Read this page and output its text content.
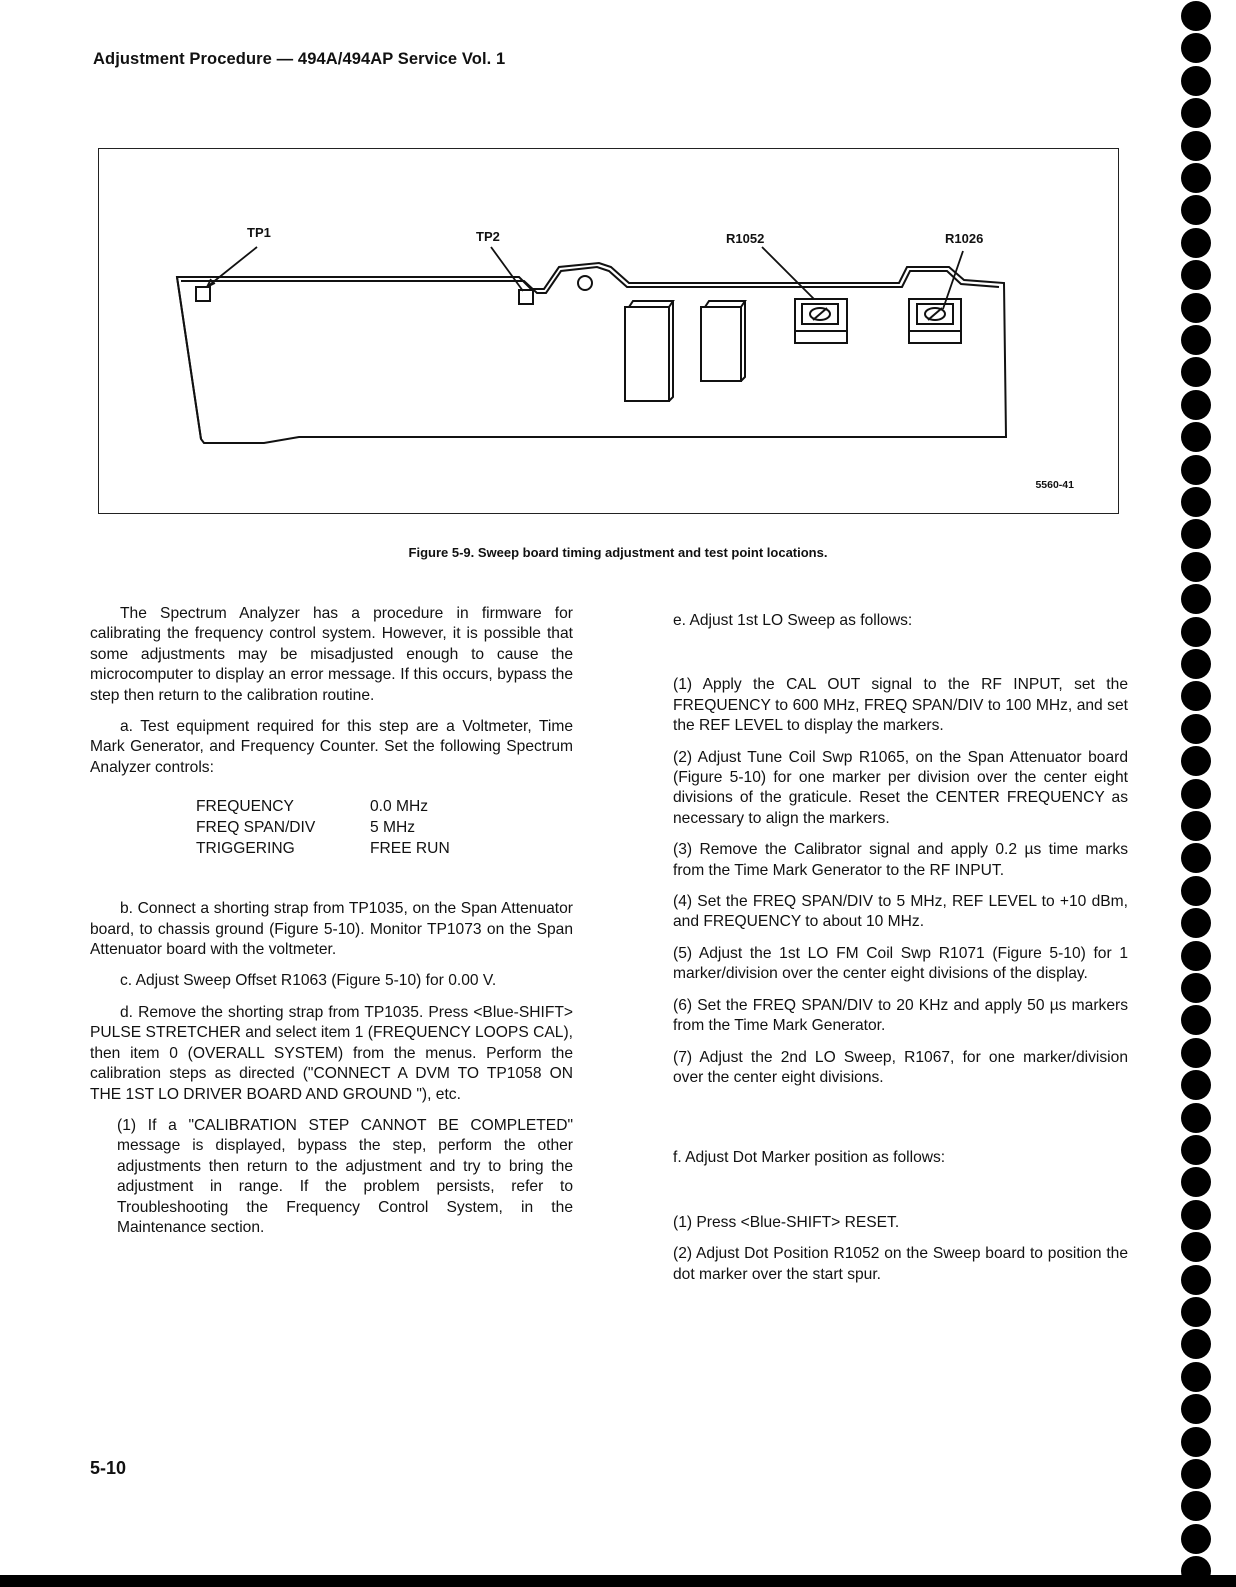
Adjustment Procedure — 494A/494AP Service Vol. 1
TP1	TP2	R1052	R1026
5560-41
Figure 5-9. Sweep board timing adjustment and test point locations.

The Spectrum Analyzer has a procedure in firmware for calibrating the frequency control system. However, it is possible that some adjustments may be misadjusted enough to cause the microcomputer to display an error message. If this occurs, bypass the step then return to the calibration routine.

a. Test equipment required for this step are a Voltmeter, Time Mark Generator, and Frequency Counter. Set the following Spectrum Analyzer controls:

FREQUENCY	0.0 MHz
FREQ SPAN/DIV	5 MHz
TRIGGERING	FREE RUN

b. Connect a shorting strap from TP1035, on the Span Attenuator board, to chassis ground (Figure 5-10). Monitor TP1073 on the Span Attenuator board with the voltmeter.

c. Adjust Sweep Offset R1063 (Figure 5-10) for 0.00 V.

d. Remove the shorting strap from TP1035. Press <Blue-SHIFT> PULSE STRETCHER and select item 1 (FREQUENCY LOOPS CAL), then item 0 (OVERALL SYSTEM) from the menus. Perform the calibration steps as directed ("CONNECT A DVM TO TP1058 ON THE 1ST LO DRIVER BOARD AND GROUND "), etc.

(1) If a "CALIBRATION STEP CANNOT BE COMPLETED" message is displayed, bypass the step, perform the other adjustments then return to the adjustment and try to bring the adjustment in range. If the problem persists, refer to Troubleshooting the Frequency Control System, in the Maintenance section.

e. Adjust 1st LO Sweep as follows:

(1) Apply the CAL OUT signal to the RF INPUT, set the FREQUENCY to 600 MHz, FREQ SPAN/DIV to 100 MHz, and set the REF LEVEL to display the markers.

(2) Adjust Tune Coil Swp R1065, on the Span Attenuator board (Figure 5-10) for one marker per division over the center eight divisions of the graticule. Reset the CENTER FREQUENCY as necessary to align the markers.

(3) Remove the Calibrator signal and apply 0.2 µs time marks from the Time Mark Generator to the RF INPUT.

(4) Set the FREQ SPAN/DIV to 5 MHz, REF LEVEL to +10 dBm, and FREQUENCY to about 10 MHz.

(5) Adjust the 1st LO FM Coil Swp R1071 (Figure 5-10) for 1 marker/division over the center eight divisions of the display.

(6) Set the FREQ SPAN/DIV to 20 KHz and apply 50 µs markers from the Time Mark Generator.

(7) Adjust the 2nd LO Sweep, R1067, for one marker/division over the center eight divisions.

f. Adjust Dot Marker position as follows:

(1) Press <Blue-SHIFT> RESET.

(2) Adjust Dot Position R1052 on the Sweep board to position the dot marker over the start spur.

5-10
